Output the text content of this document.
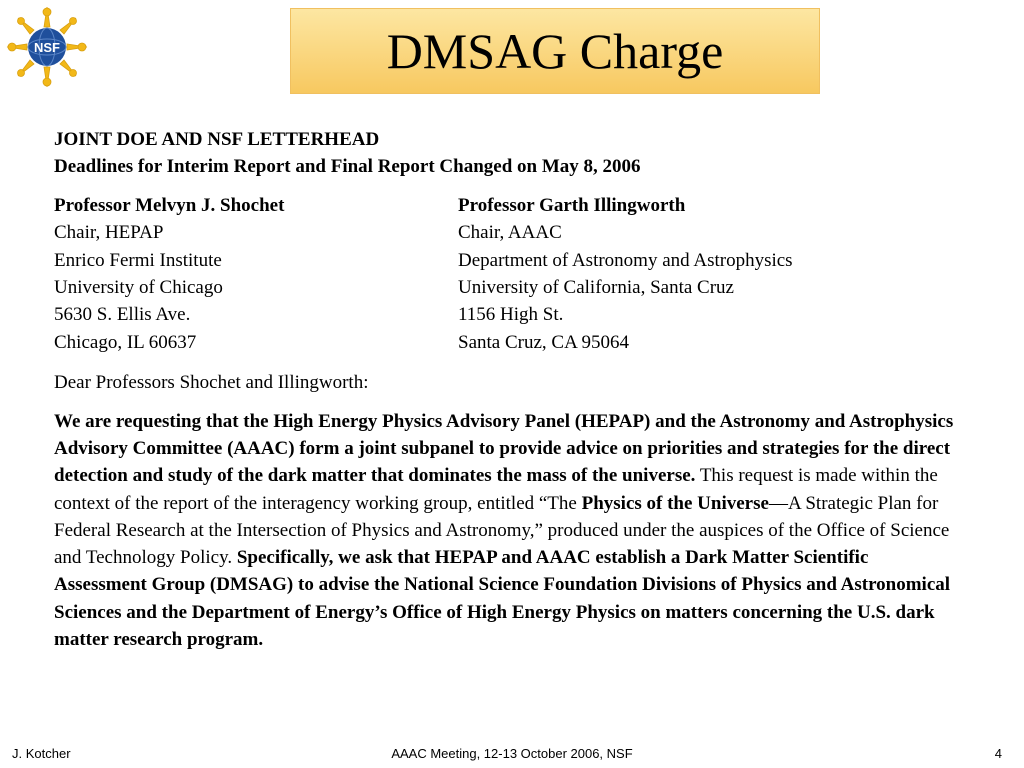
NSF	DMSAG Charge
JOINT DOE AND NSF LETTERHEAD
Deadlines for Interim Report and Final Report Changed on May 8, 2006
Professor Melvyn J. Shochet
Chair, HEPAP
Enrico Fermi Institute
University of Chicago
5630 S. Ellis Ave.
Chicago, IL 60637
Professor Garth Illingworth
Chair, AAAC
Department of Astronomy and Astrophysics
University of California, Santa Cruz
1156 High St.
Santa Cruz, CA 95064
Dear Professors Shochet and Illingworth:
We are requesting that the High Energy Physics Advisory Panel (HEPAP) and the Astronomy and Astrophysics Advisory Committee (AAAC) form a joint subpanel to provide advice on priorities and strategies for the direct detection and study of the dark matter that dominates the mass of the universe. This request is made within the context of the report of the interagency working group, entitled “The Physics of the Universe—A Strategic Plan for Federal Research at the Intersection of Physics and Astronomy,” produced under the auspices of the Office of Science and Technology Policy. Specifically, we ask that HEPAP and AAAC establish a Dark Matter Scientific Assessment Group (DMSAG) to advise the National Science Foundation Divisions of Physics and Astronomical Sciences and the Department of Energy’s Office of High Energy Physics on matters concerning the U.S. dark matter research program.
J. Kotcher	AAAC Meeting, 12-13 October 2006, NSF	4
